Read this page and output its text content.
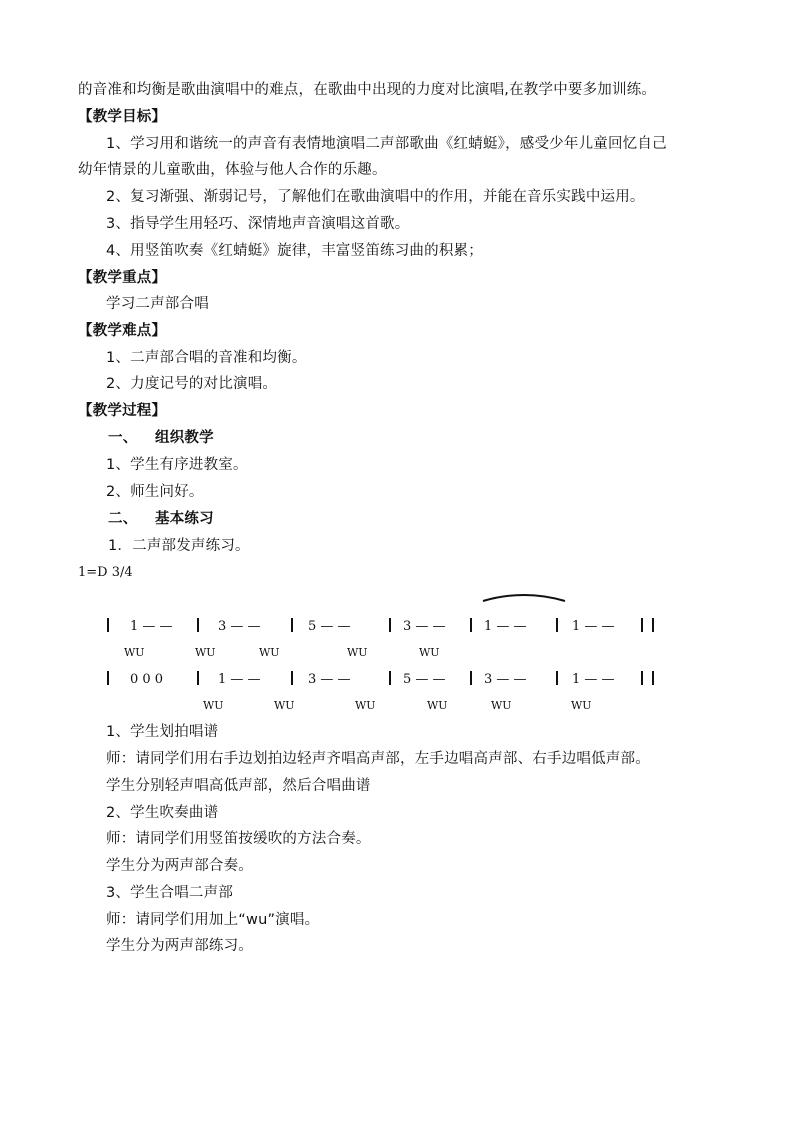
的音准和均衡是歌曲演唱中的难点，在歌曲中出现的力度对比演唱,在教学中要多加训练。
【教学目标】
1、学习用和谐统一的声音有表情地演唱二声部歌曲《红蜻蜓》，感受少年儿童回忆自己
幼年情景的儿童歌曲，体验与他人合作的乐趣。
2、复习渐强、渐弱记号，了解他们在歌曲演唱中的作用，并能在音乐实践中运用。
3、指导学生用轻巧、深情地声音演唱这首歌。
4、用竖笛吹奏《红蜻蜓》旋律，丰富竖笛练习曲的积累；
【教学重点】
学习二声部合唱
【教学难点】
1、二声部合唱的音准和均衡。
2、力度记号的对比演唱。
【教学过程】
一、 组织教学
1、学生有序进教室。
2、师生问好。
二、 基本练习
1．二声部发声练习。
1=D 3/4
1 — —	3 — —	5 — —	3 — —	1 — —	1 — —
WU	WU	WU	WU	WU
0 0 0	1 — —	3 — —	5 — —	3 — —	1 — —
WU	WU	WU	WU	WU	WU
1、学生划拍唱谱
师：请同学们用右手边划拍边轻声齐唱高声部，左手边唱高声部、右手边唱低声部。
学生分别轻声唱高低声部，然后合唱曲谱
2、学生吹奏曲谱
师：请同学们用竖笛按缓吹的方法合奏。
学生分为两声部合奏。
3、学生合唱二声部
师：请同学们用加上“wu”演唱。
学生分为两声部练习。
